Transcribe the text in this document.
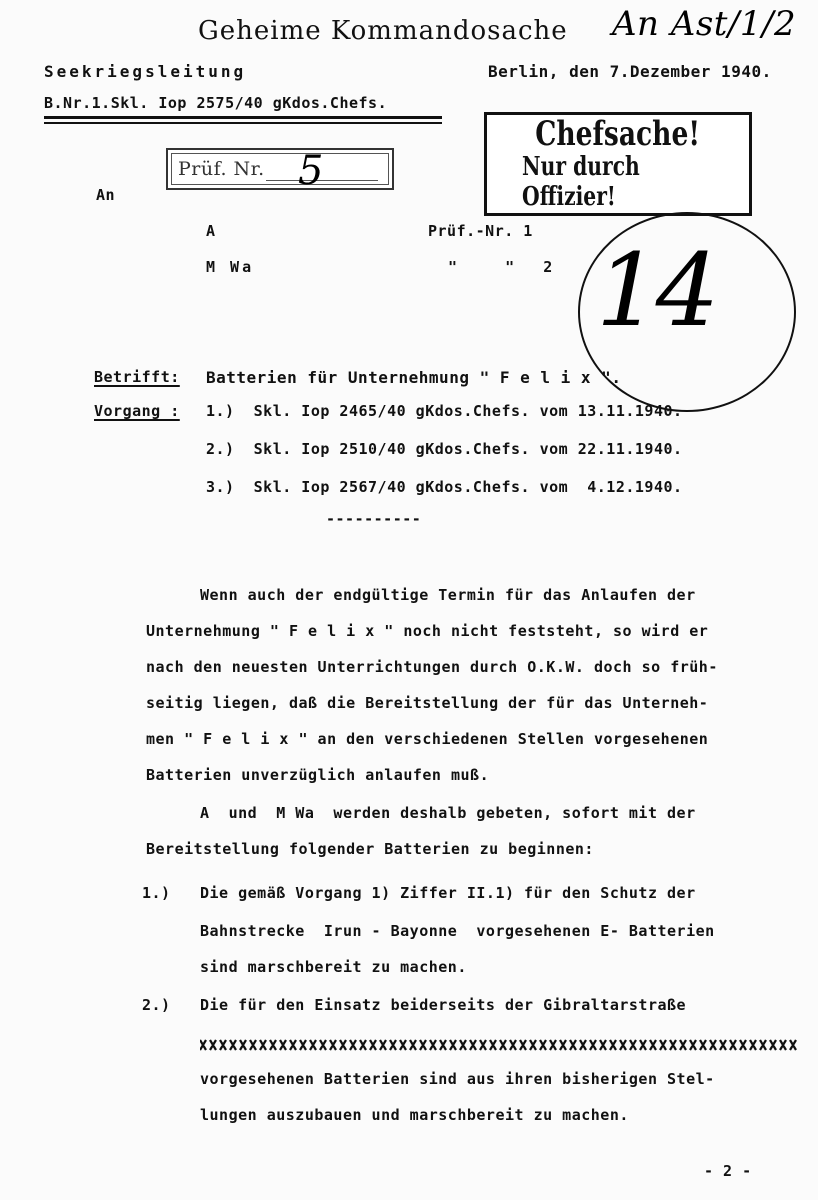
Geheime Kommandosache An Ast/1/2
Seekriegsleitung	Berlin, den 7.Dezember 1940.
B.Nr.1.Skl. Iop 2575/40 gKdos.Chefs.
Chefsache!
Nur durch Offizier!
Prüf. Nr. 5
14
An
A	Prüf.-Nr. 1
M Wa	"     "   2
Betrifft: Batterien für Unternehmung " F e l i x ".
Vorgang : 1.)  Skl. Iop 2465/40 gKdos.Chefs. vom 13.11.1940.
2.)  Skl. Iop 2510/40 gKdos.Chefs. vom 22.11.1940.
3.)  Skl. Iop 2567/40 gKdos.Chefs. vom  4.12.1940.
----------
Wenn auch der endgültige Termin für das Anlaufen der
Unternehmung " F e l i x " noch nicht feststeht, so wird er
nach den neuesten Unterrichtungen durch O.K.W. doch so früh-
seitig liegen, daß die Bereitstellung der für das Unterneh-
men " F e l i x " an den verschiedenen Stellen vorgesehenen
Batterien unverzüglich anlaufen muß.
A  und  M Wa  werden deshalb gebeten, sofort mit der
Bereitstellung folgender Batterien zu beginnen:
1.) Die gemäß Vorgang 1) Ziffer II.1) für den Schutz der
Bahnstrecke  Irun - Bayonne  vorgesehenen E- Batterien
sind marschbereit zu machen.
2.) Die für den Einsatz beiderseits der Gibraltarstraße
vorgesehenen Batterien sind aus ihren bisherigen Stel-
lungen auszubauen und marschbereit zu machen.
- 2 -
